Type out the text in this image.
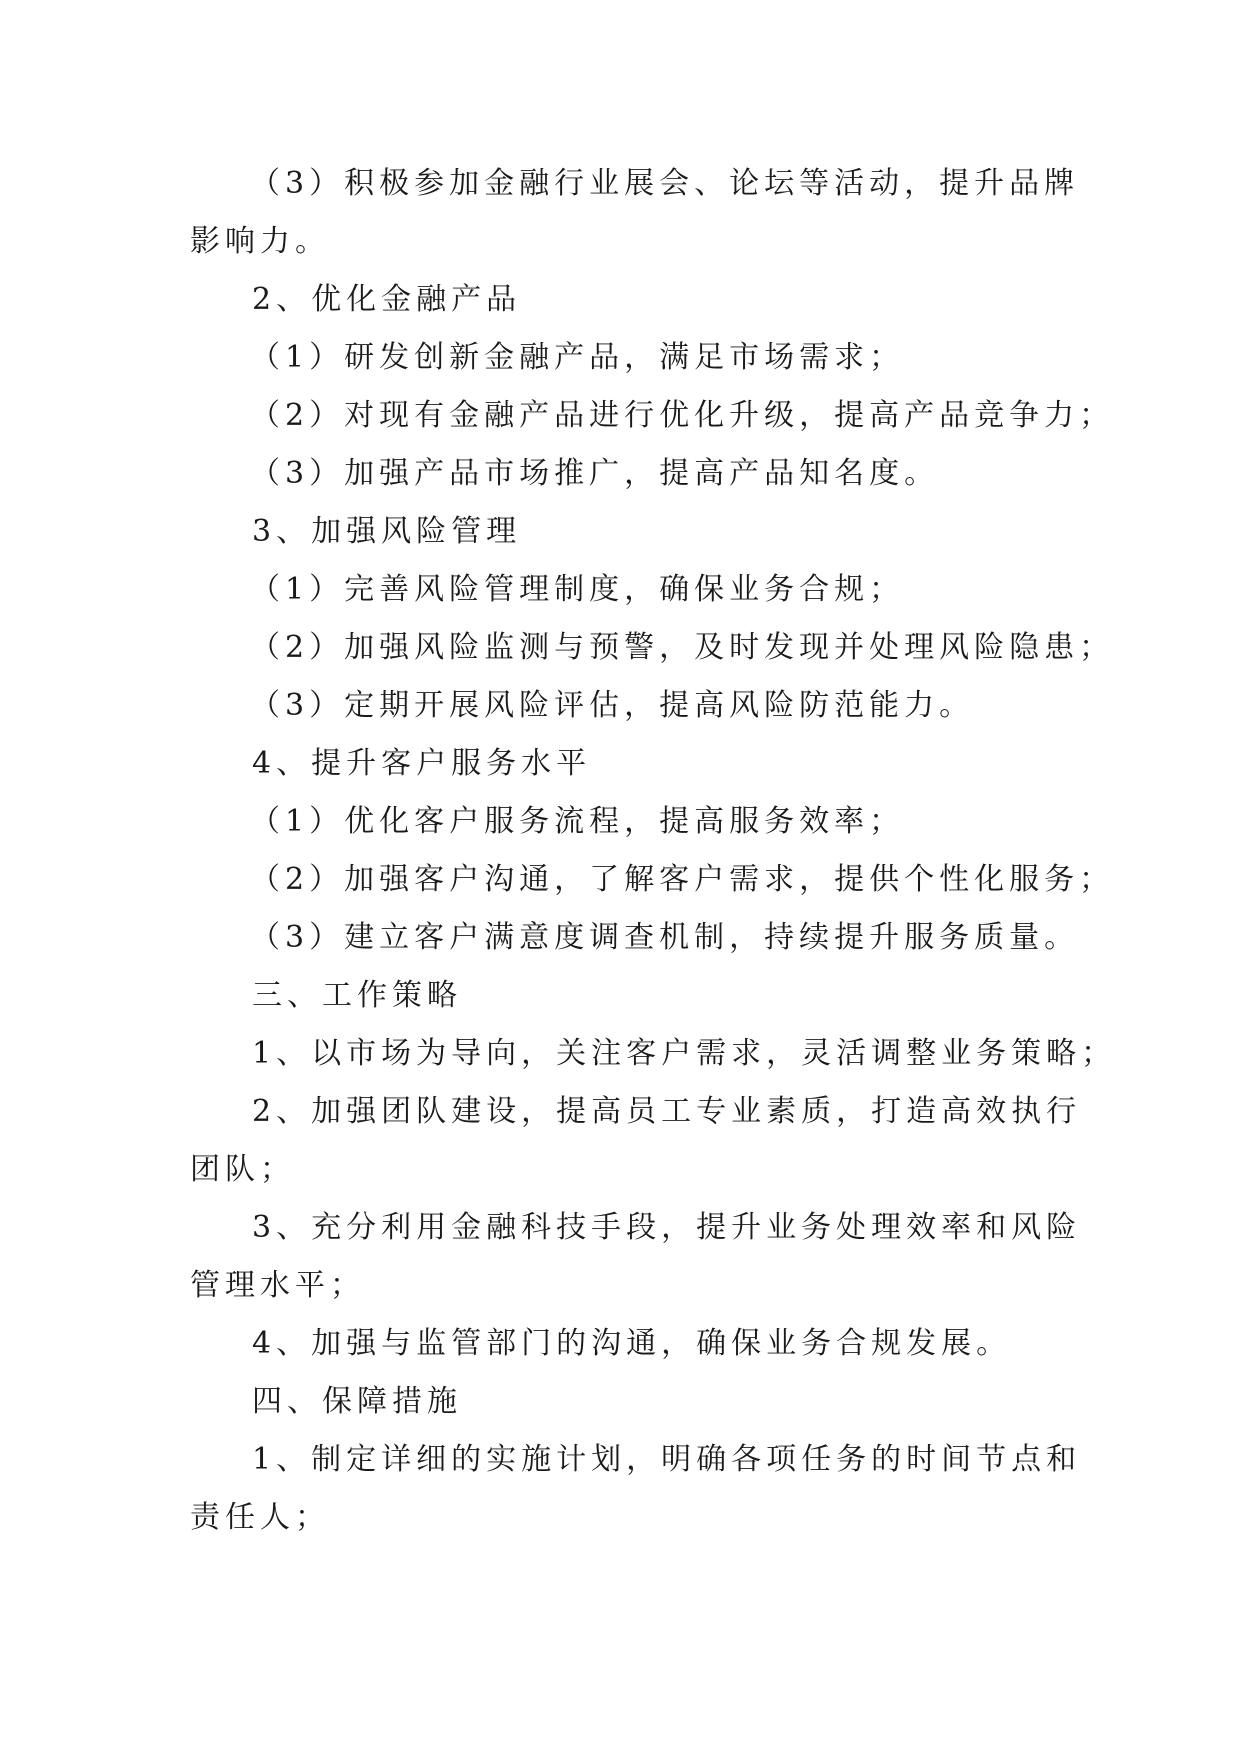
（3）积极参加金融行业展会、论坛等活动，提升品牌

影响力。

2、优化金融产品

（1）研发创新金融产品，满足市场需求；

（2）对现有金融产品进行优化升级，提高产品竞争力；

（3）加强产品市场推广，提高产品知名度。

3、加强风险管理

（1）完善风险管理制度，确保业务合规；

（2）加强风险监测与预警，及时发现并处理风险隐患；

（3）定期开展风险评估，提高风险防范能力。

4、提升客户服务水平

（1）优化客户服务流程，提高服务效率；

（2）加强客户沟通，了解客户需求，提供个性化服务；

（3）建立客户满意度调查机制，持续提升服务质量。

三、工作策略

1、以市场为导向，关注客户需求，灵活调整业务策略；

2、加强团队建设，提高员工专业素质，打造高效执行

团队；

3、充分利用金融科技手段，提升业务处理效率和风险

管理水平；

4、加强与监管部门的沟通，确保业务合规发展。

四、保障措施

1、制定详细的实施计划，明确各项任务的时间节点和

责任人；
